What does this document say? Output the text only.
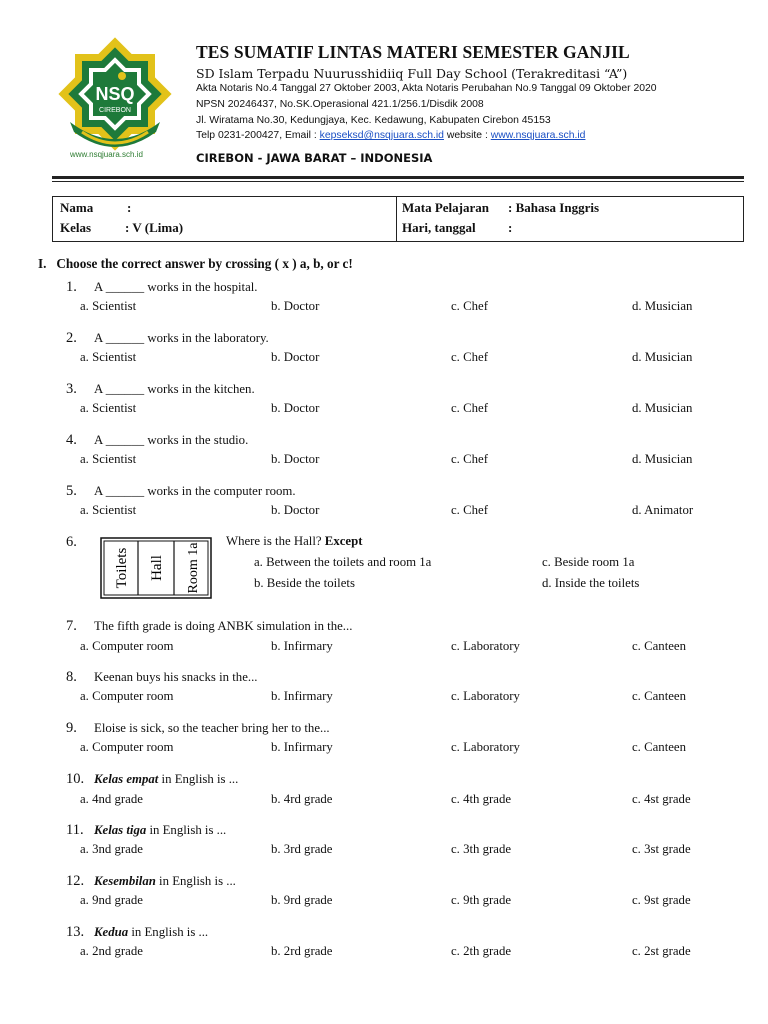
NSQ
CIREBON
www.nsqjuara.sch.id
TES SUMATIF LINTAS MATERI SEMESTER GANJIL
SD Islam Terpadu Nuurusshidiiq Full Day School (Terakreditasi “A”)
Akta Notaris No.4 Tanggal 27 Oktober 2003, Akta Notaris Perubahan No.9 Tanggal 09 Oktober 2020
NPSN 20246437, No.SK.Operasional 421.1/256.1/Disdik 2008
Jl. Wiratama No.30, Kedungjaya, Kec. Kedawung, Kabupaten Cirebon 45153
Telp 0231-200427, Email : kepseksd@nsqjuara.sch.id website : www.nsqjuara.sch.id
CIREBON - JAWA BARAT – INDONESIA
Nama	:
Kelas	: V (Lima)
Mata Pelajaran : Bahasa Inggris
Hari, tanggal :
I. Choose the correct answer by crossing ( x ) a, b, or c!
1. A ______ works in the hospital.
a. Scientist	b. Doctor	c. Chef	d. Musician
2. A ______ works in the laboratory.
a. Scientist	b. Doctor	c. Chef	d. Musician
3. A ______ works in the kitchen.
a. Scientist	b. Doctor	c. Chef	d. Musician
4. A ______ works in the studio.
a. Scientist	b. Doctor	c. Chef	d. Musician
5. A ______ works in the computer room.
a. Scientist	b. Doctor	c. Chef	d. Animator
6.
Toilets Hall Room 1a
Where is the Hall? Except
a. Between the toilets and room 1a
b. Beside the toilets
c. Beside room 1a
d. Inside the toilets
7. The fifth grade is doing ANBK simulation in the...
a. Computer room	b. Infirmary	c. Laboratory	c. Canteen
8. Keenan buys his snacks in the...
a. Computer room	b. Infirmary	c. Laboratory	c. Canteen
9. Eloise is sick, so the teacher bring her to the...
a. Computer room	b. Infirmary	c. Laboratory	c. Canteen
10. Kelas empat in English is ...
a. 4nd grade	b. 4rd grade	c. 4th grade	c. 4st grade
11. Kelas tiga in English is ...
a. 3nd grade	b. 3rd grade	c. 3th grade	c. 3st grade
12. Kesembilan in English is ...
a. 9nd grade	b. 9rd grade	c. 9th grade	c. 9st grade
13. Kedua in English is ...
a. 2nd grade	b. 2rd grade	c. 2th grade	c. 2st grade
